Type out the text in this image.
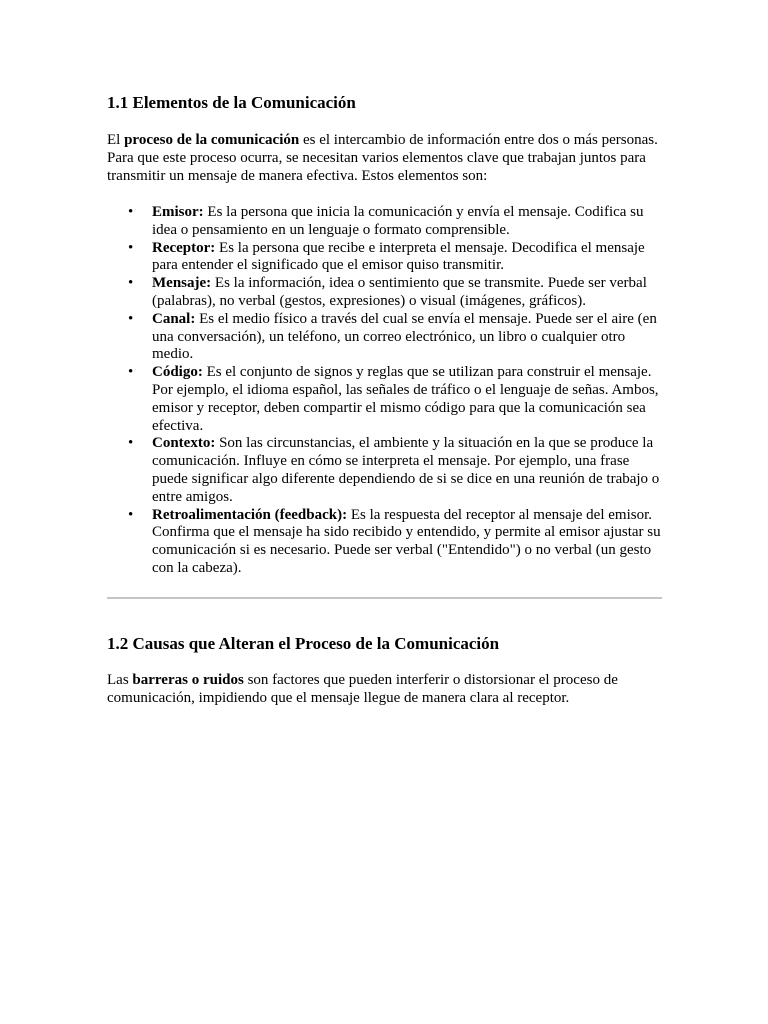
1.1 Elementos de la Comunicación

El proceso de la comunicación es el intercambio de información entre dos o más personas. Para que este proceso ocurra, se necesitan varios elementos clave que trabajan juntos para transmitir un mensaje de manera efectiva. Estos elementos son:

• Emisor: Es la persona que inicia la comunicación y envía el mensaje. Codifica su idea o pensamiento en un lenguaje o formato comprensible.
• Receptor: Es la persona que recibe e interpreta el mensaje. Decodifica el mensaje para entender el significado que el emisor quiso transmitir.
• Mensaje: Es la información, idea o sentimiento que se transmite. Puede ser verbal (palabras), no verbal (gestos, expresiones) o visual (imágenes, gráficos).
• Canal: Es el medio físico a través del cual se envía el mensaje. Puede ser el aire (en una conversación), un teléfono, un correo electrónico, un libro o cualquier otro medio.
• Código: Es el conjunto de signos y reglas que se utilizan para construir el mensaje. Por ejemplo, el idioma español, las señales de tráfico o el lenguaje de señas. Ambos, emisor y receptor, deben compartir el mismo código para que la comunicación sea efectiva.
• Contexto: Son las circunstancias, el ambiente y la situación en la que se produce la comunicación. Influye en cómo se interpreta el mensaje. Por ejemplo, una frase puede significar algo diferente dependiendo de si se dice en una reunión de trabajo o entre amigos.
• Retroalimentación (feedback): Es la respuesta del receptor al mensaje del emisor. Confirma que el mensaje ha sido recibido y entendido, y permite al emisor ajustar su comunicación si es necesario. Puede ser verbal ("Entendido") o no verbal (un gesto con la cabeza).
1.2 Causas que Alteran el Proceso de la Comunicación

Las barreras o ruidos son factores que pueden interferir o distorsionar el proceso de comunicación, impidiendo que el mensaje llegue de manera clara al receptor.
